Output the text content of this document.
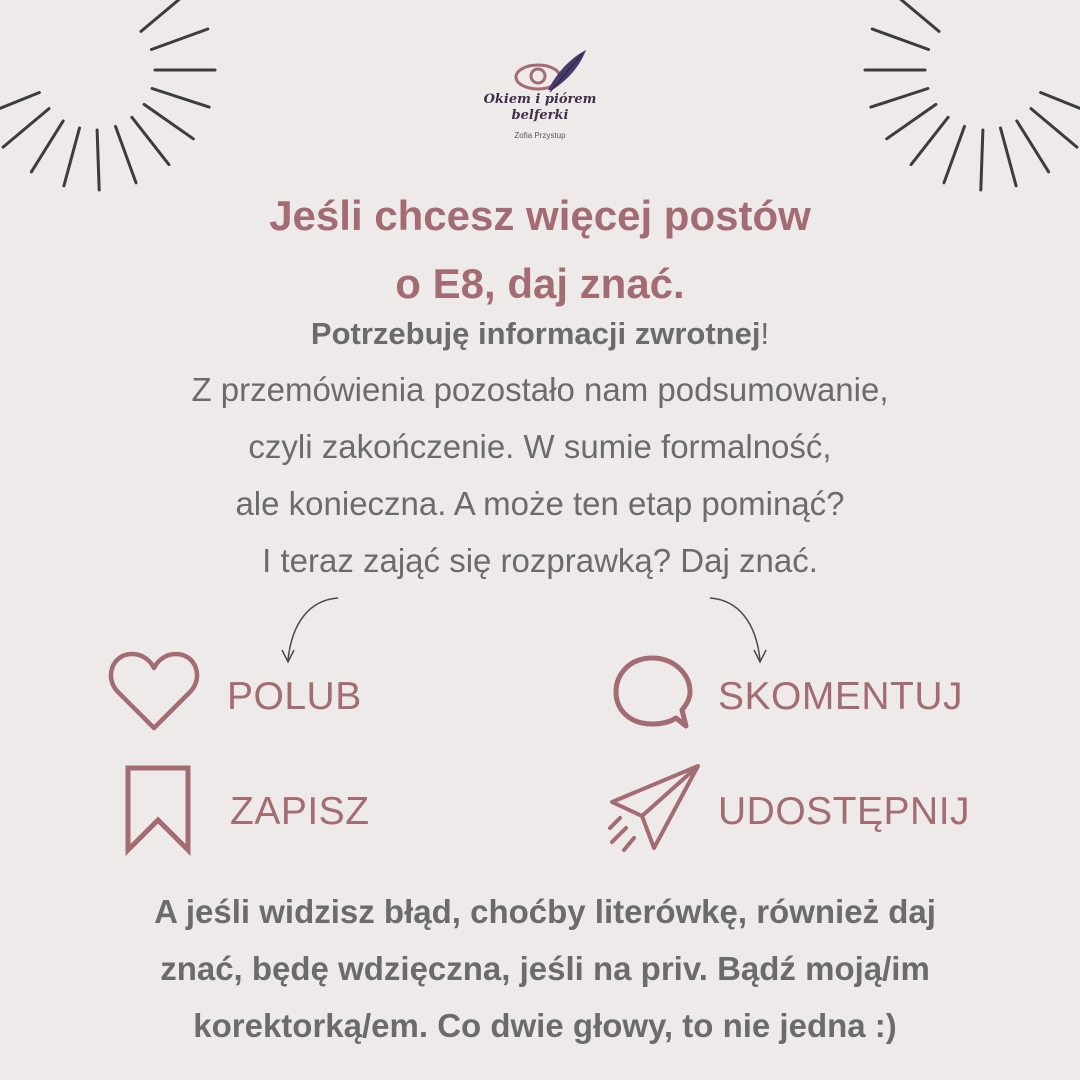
Okiem i piórem
belferki
Zofia Przystup
Jeśli chcesz więcej postów
o E8, daj znać.
Potrzebuję informacji zwrotnej!
Z przemówienia pozostało nam podsumowanie,
czyli zakończenie. W sumie formalność,
ale konieczna. A może ten etap pominąć?
I teraz zająć się rozprawką? Daj znać.
POLUB	SKOMENTUJ
ZAPISZ	UDOSTĘPNIJ
A jeśli widzisz błąd, choćby literówkę, również daj
znać, będę wdzięczna, jeśli na priv. Bądź moją/im
korektorką/em. Co dwie głowy, to nie jedna :)
